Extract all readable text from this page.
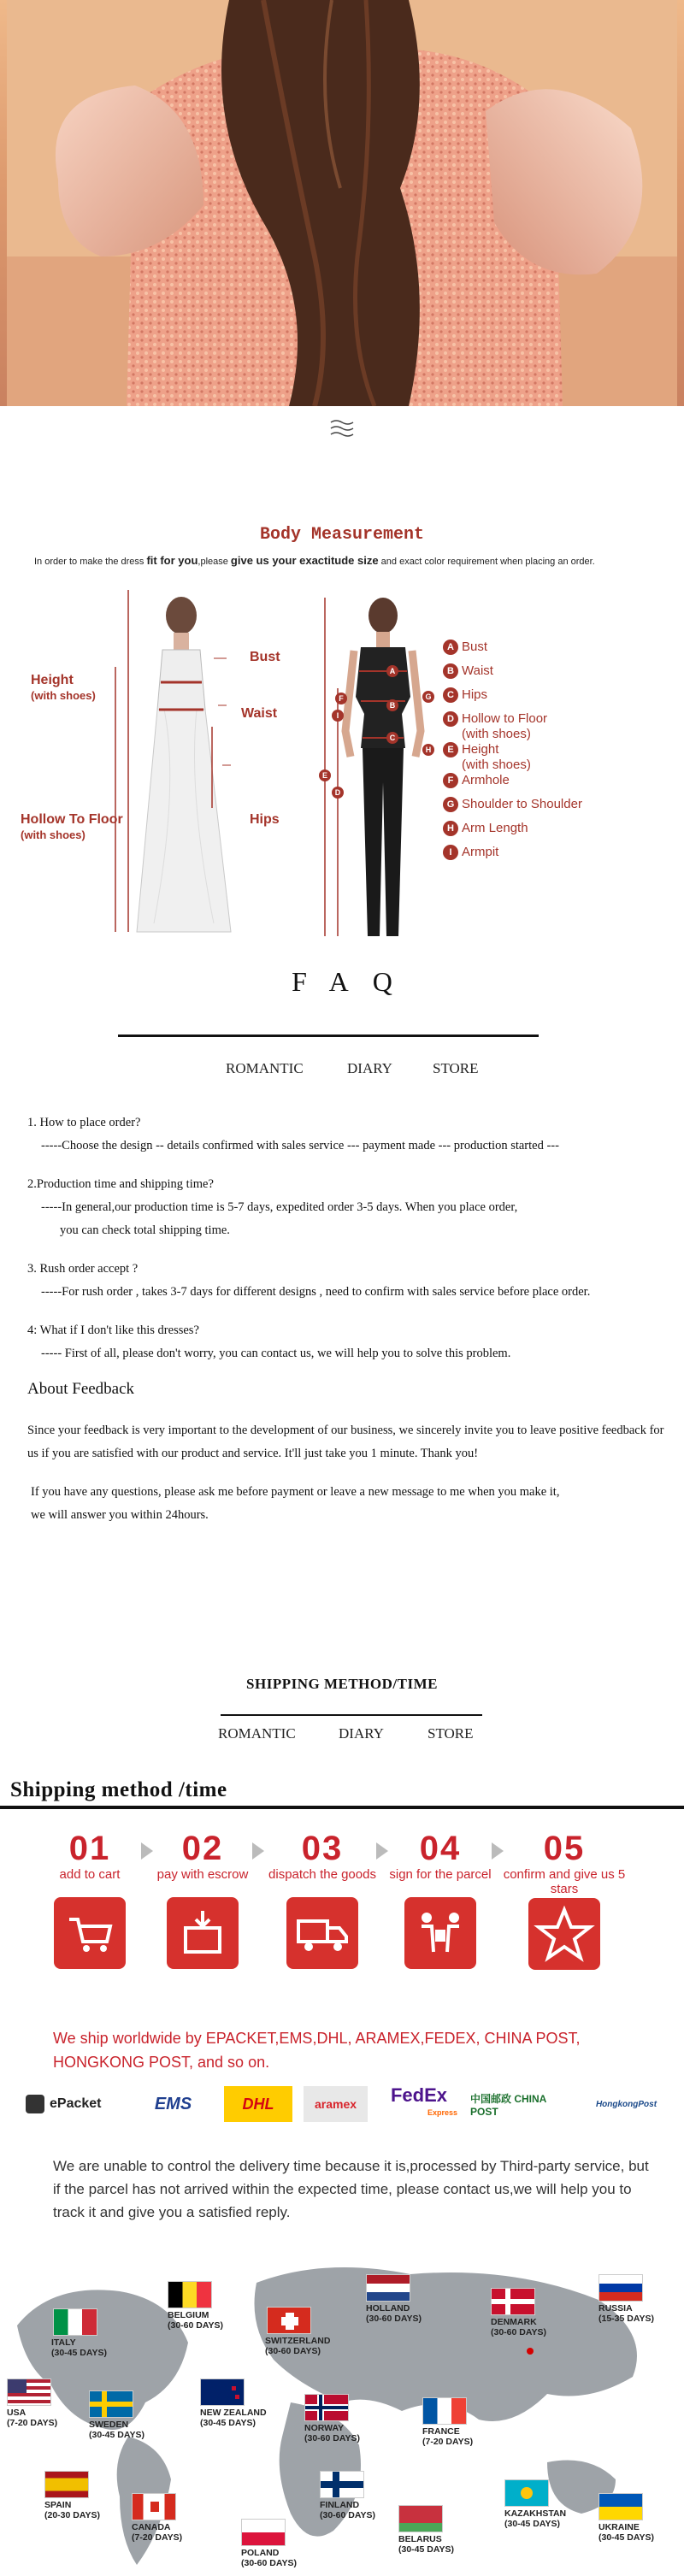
Body Measurement
In order to make the dress fit for you,please give us your exactitude size and exact color requirement when placing an order.
Height
(with shoes)
Hollow To Floor
(with shoes)
Bust
Waist
Hips
F
A
I
B
C
G
H
E
D
A Bust
B Waist
C Hips
D Hollow to Floor
(with shoes)
E Height
(with shoes)
F Armhole
G Shoulder to Shoulder
H Arm Length
I Armpit
FAQ
ROMANTIC	DIARY	STORE
1. How to place order?
-----Choose the design -- details confirmed with sales service --- payment made --- production started ---
2.Production time and shipping time?
-----In general,our production time is 5-7 days, expedited order 3-5 days. When you place order,
you can check total shipping time.
3. Rush order accept ?
-----For rush order , takes 3-7 days for different designs , need to confirm with sales service before place order.
4: What if I don't like this dresses?
----- First of all, please don't worry, you can contact us, we will help you to solve this problem.
About Feedback
Since your feedback is very important to the development of our business, we sincerely invite you to leave positive feedback for us if you are satisfied with our product and service. It'll just take you 1 minute. Thank you!
If you have any questions, please ask me before payment or leave a new message to me when you make it,
we will answer you within 24hours.
SHIPPING METHOD/TIME
ROMANTIC	DIARY	STORE
Shipping method /time
01
add to cart
02
pay with escrow
03
dispatch the goods
04
sign for the parcel
05
confirm and give us 5 stars
We ship worldwide by EPACKET,EMS,DHL, ARAMEX,FEDEX, CHINA POST, HONGKONG POST, and so on.
ePacket	EMS	DHL	aramex	FedEx
Express
中国邮政 CHINA POST
HongkongPost
We are unable to control the delivery time because it is,processed by Third-party service, but if the parcel has not arrived within the expected time, please contact us,we will help you to track it and give you a satisfied reply.
ITALY
(30-45 DAYS)
BELGIUM
(30-60 DAYS)
SWITZERLAND
(30-60 DAYS)
HOLLAND
(30-60 DAYS)	DENMARK
(30-60 DAYS)
RUSSIA
(15-35 DAYS)
USA
(7-20 DAYS)	SWEDEN
(30-45 DAYS)
NEW ZEALAND
(30-45 DAYS)	NORWAY
(30-60 DAYS)
FRANCE
(7-20 DAYS)
SPAIN
(20-30 DAYS)
CANADA
(7-20 DAYS)
POLAND
(30-60 DAYS)
FINLAND
(30-60 DAYS)
BELARUS
(30-45 DAYS)
KAZAKHSTAN
(30-45 DAYS)	UKRAINE
(30-45 DAYS)
